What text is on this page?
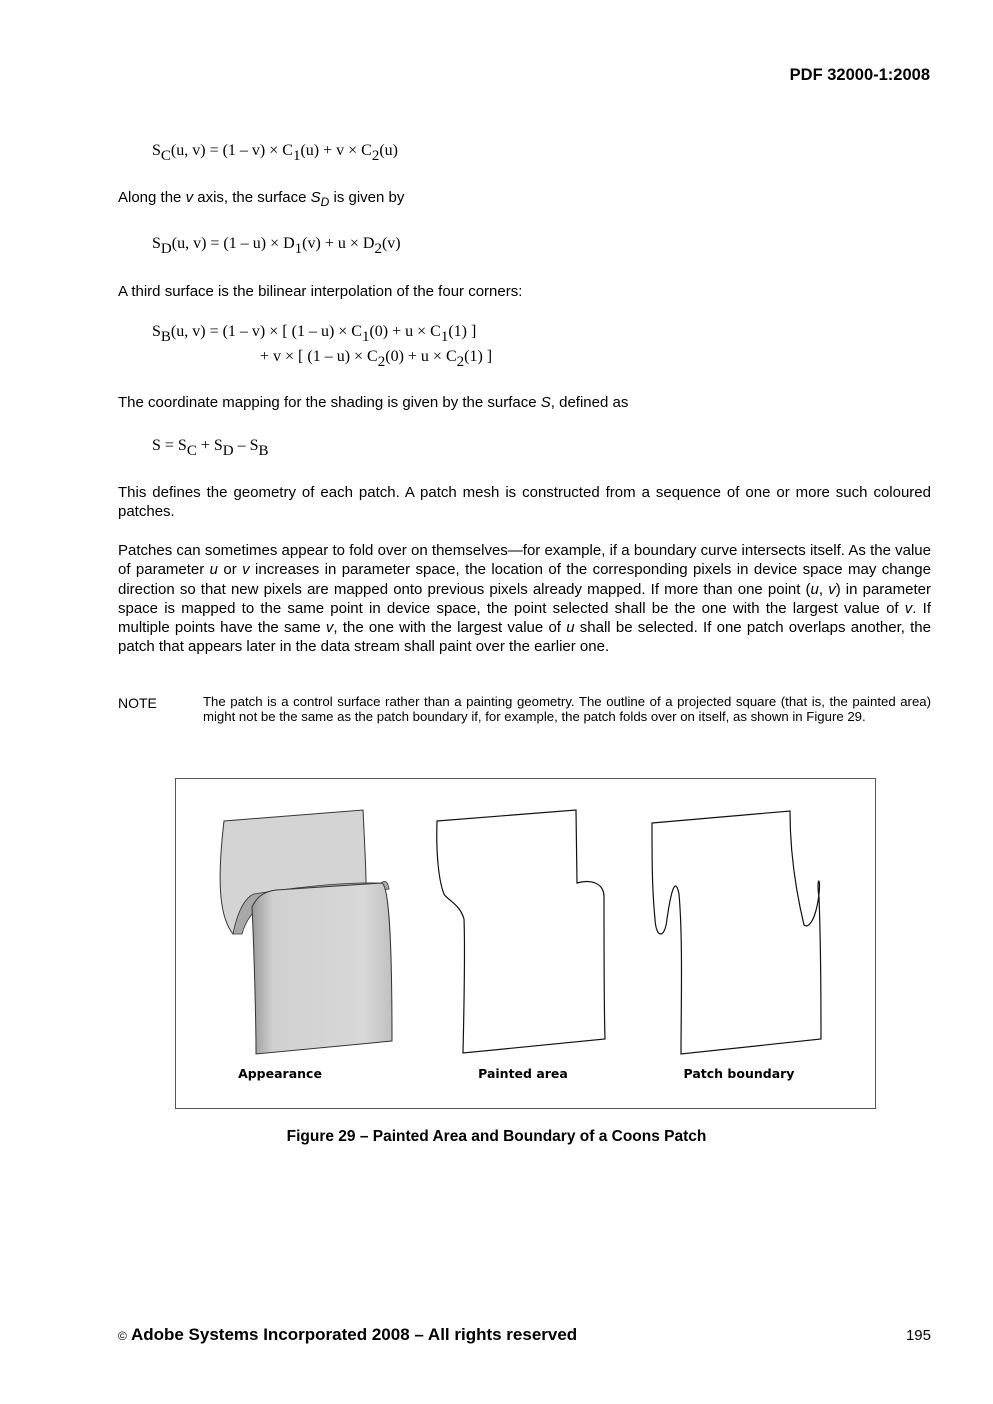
PDF 32000-1:2008
$S_C(u$, $v) = (1 - v) \times C_1(u) + v \times C_2(u)$
Along the v axis, the surface $S_D$ is given by
$S_D(u$, $v) = (1 - u) \times D_1(v) + u \times D_2(v)$
A third surface is the bilinear interpolation of the four corners:
$S_B(u$, v) = (1 – v) × [ $(1 - u) \times C_1(0) + u \times C_1(1)$ ]
+ v × [ $(1 - u) \times C_2(0) + u \times C_2(1)$ ]
The coordinate mapping for the shading is given by the surface S, defined as
$S = S_C + S_D - S_B$
This defines the geometry of each patch. A patch mesh is constructed from a sequence of one or more such coloured patches.
Patches can sometimes appear to fold over on themselves—for example, if a boundary curve intersects itself. As the value of parameter u or v increases in parameter space, the location of the corresponding pixels in device space may change direction so that new pixels are mapped onto previous pixels already mapped. If more than one point (u, v) in parameter space is mapped to the same point in device space, the point selected shall be the one with the largest value of v. If multiple points have the same v, the one with the largest value of u shall be selected. If one patch overlaps another, the patch that appears later in the data stream shall paint over the earlier one.
NOTE	The patch is a control surface rather than a painting geometry. The outline of a projected square (that is, the painted area) might not be the same as the patch boundary if, for example, the patch folds over on itself, as shown in Figure 29.
Appearance	Painted area	Patch boundary
Figure 29 – Painted Area and Boundary of a Coons Patch
© Adobe Systems Incorporated 2008 – All rights reserved	195
